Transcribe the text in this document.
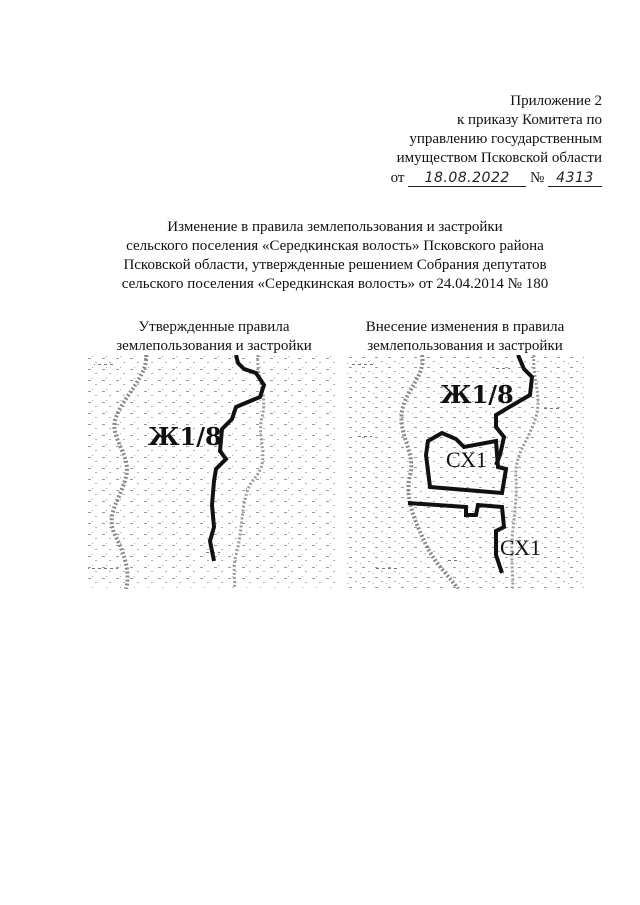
Приложение 2
к приказу Комитета по
управлению государственным
имуществом Псковской области
от 18.08.2022 № 4313
Изменение в правила землепользования и застройки
сельского поселения «Середкинская волость» Псковского района
Псковской области, утвержденные решением Собрания депутатов
сельского поселения «Середкинская волость» от 24.04.2014 № 180
Утвержденные правила
землепользования и застройки
Внесение изменения в правила
землепользования и застройки
Ж1/8
Ж1/8
СХ1
СХ1
